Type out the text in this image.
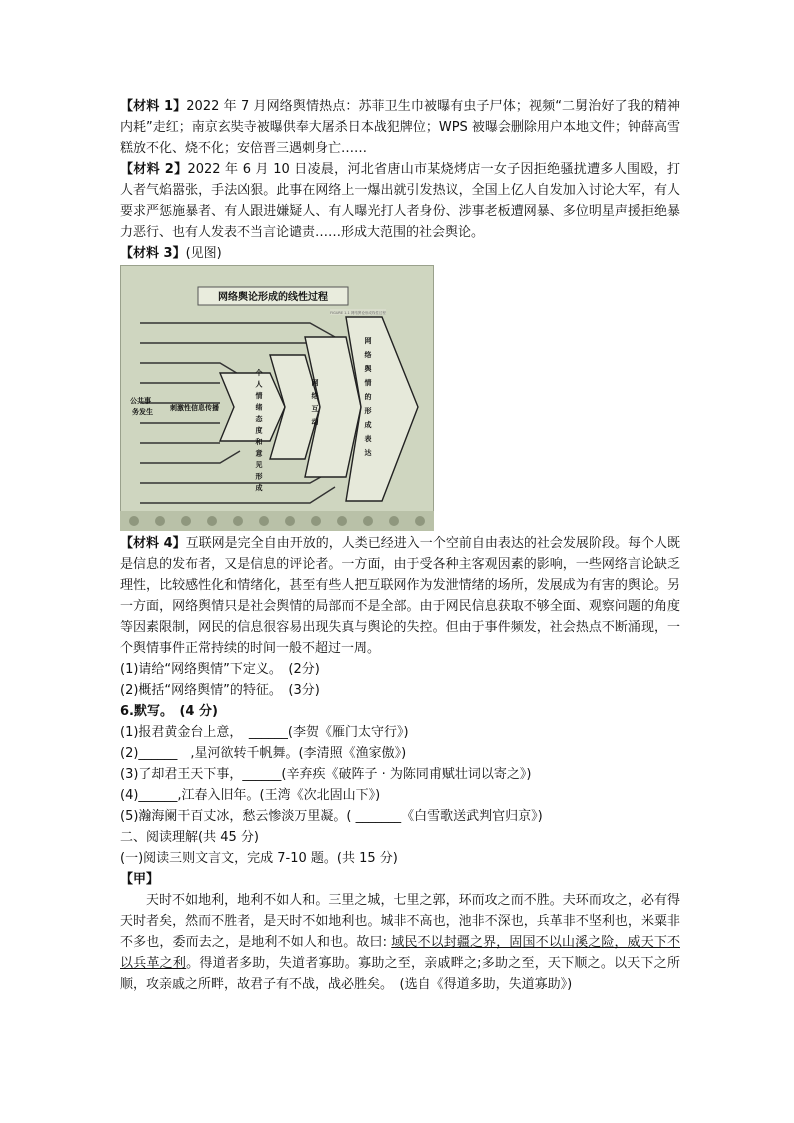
【材料 1】2022 年 7 月网络舆情热点：苏菲卫生巾被曝有虫子尸体；视频“二舅治好了我的精神内耗”走红；南京玄奘寺被曝供奉大屠杀日本战犯牌位；WPS 被曝会删除用户本地文件；钟薛高雪糕放不化、烧不化；安倍晋三遇刺身亡……

【材料 2】2022 年 6 月 10 日凌晨，河北省唐山市某烧烤店一女子因拒绝骚扰遭多人围殴，打人者气焰嚣张，手法凶狠。此事在网络上一爆出就引发热议，全国上亿人自发加入讨论大军，有人要求严惩施暴者、有人跟进嫌疑人、有人曝光打人者身份、涉事老板遭网暴、多位明星声援拒绝暴力恶行、也有人发表不当言论谴责……形成大范围的社会舆论。

【材料 3】(见图)

网络舆论形成的线性过程
FIGURE 1.1 网络舆论形成线性过程
公共事务发生 刺激性信息传播
个人情绪态度和意见形成
网络互动
网络舆情的形成表达

【材料 4】互联网是完全自由开放的，人类已经进入一个空前自由表达的社会发展阶段。每个人既是信息的发布者，又是信息的评论者。一方面，由于受各种主客观因素的影响，一些网络言论缺乏理性，比较感性化和情绪化，甚至有些人把互联网作为发泄情绪的场所，发展成为有害的舆论。另一方面，网络舆情只是社会舆情的局部而不是全部。由于网民信息获取不够全面、观察问题的角度等因素限制，网民的信息很容易出现失真与舆论的失控。但由于事件频发，社会热点不断涌现，一个舆情事件正常持续的时间一般不超过一周。

(1)请给“网络舆情”下定义。　(2分)

(2)概括“网络舆情”的特征。　(3分)

6.默写。　(4 分)

(1)报君黄金台上意，　______(李贺《雁门太守行》)

(2)______　,星河欲转千帆舞。(李清照《渔家傲》)

(3)了却君王天下事，______(辛弃疾《破阵子 · 为陈同甫赋壮词以寄之》)

(4)______,江春入旧年。(王湾《次北固山下》)

(5)瀚海阑干百丈冰，愁云惨淡万里凝。( _______《白雪歌送武判官归京》)

二、阅读理解(共 45 分)

(一)阅读三则文言文，完成 7-10 题。(共 15 分)

【甲】

天时不如地利，地利不如人和。三里之城，七里之郭，环而攻之而不胜。夫环而攻之，必有得天时者矣，然而不胜者，是天时不如地利也。城非不高也，池非不深也，兵革非不坚利也，米粟非不多也，委而去之，是地利不如人和也。故曰: 域民不以封疆之界，固国不以山溪之险，威天下不以兵革之利。得道者多助，失道者寡助。寡助之至，亲戚畔之;多助之至，天下顺之。以天下之所顺，攻亲戚之所畔，故君子有不战，战必胜矣。　(选自《得道多助，失道寡助》)
